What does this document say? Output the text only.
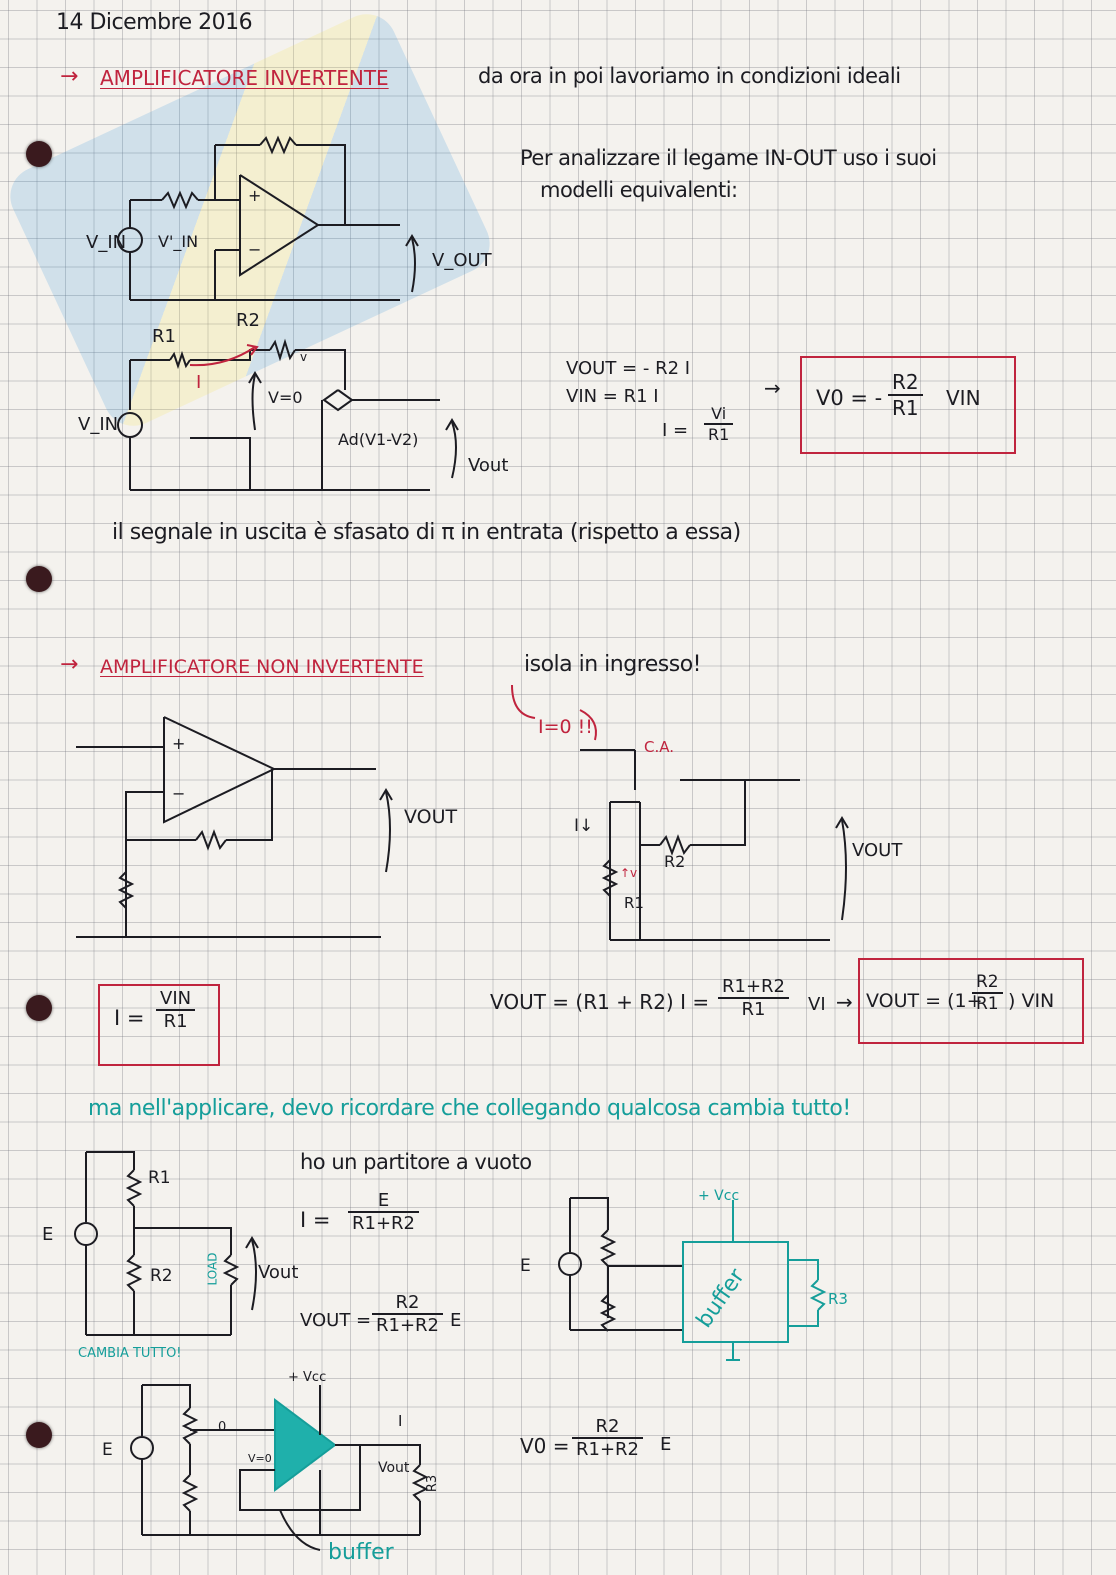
14 Dicembre 2016
→ AMPLIFICATORE INVERTENTE	da ora in poi lavoriamo in condizioni ideali
+
−
V_IN V'_IN
V_OUT
R1
R2
v
I
V=0
V_IN
Ad(V1-V2)
Vout
Per analizzare il legame IN-OUT uso i suoi
modelli equivalenti:
VOUT = - R2 I
VIN = R1 I
$I = \frac{Vi}{R1}$
→ V0 = - $\frac{R2}{R1}$ VIN
il segnale in uscita è sfasato di π in entrata (rispetto a essa)
→ AMPLIFICATORE NON INVERTENTE	isola in ingresso!
+
−
VOUT
I=0 !!
C.A.
I↓
R2
↑v
R1
VOUT
I =
VIN
R1
VOUT = (R1 + R2) $I = \frac{R1+R2}{R1}$ VI → VOUT = (1+
$\frac{R2}{R1}$ ) VIN
ma nell'applicare, devo ricordare che collegando qualcosa cambia tutto!
E
R1
R2	LOAD Vout
CAMBIA TUTTO!
ho un partitore a vuoto
$I = \frac{E}{R1+R2}$
VOUT = $\frac{R2}{R1+R2}$ E
E
+ Vcc
buffer	R3
E
+ Vcc
0
V=0
I
Vout
R3
buffer
$V0 = \frac{R2}{R1+R2}$ E
